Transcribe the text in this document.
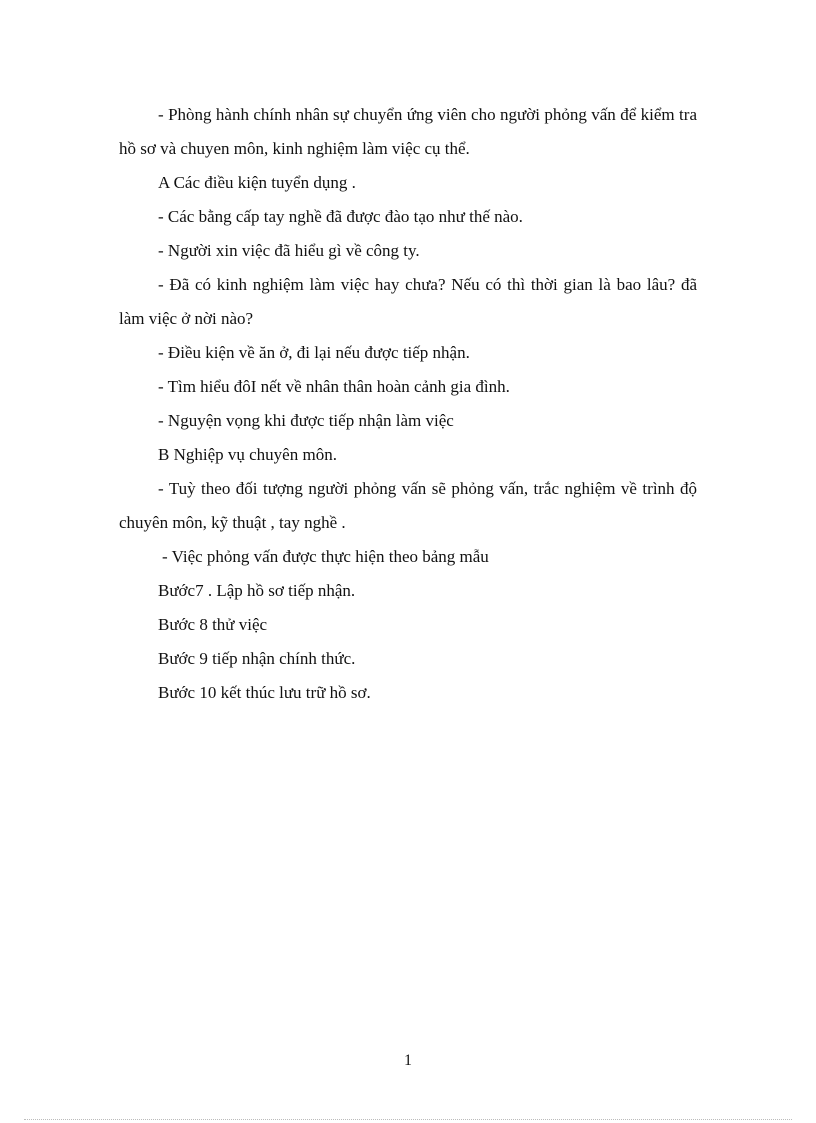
- Phòng hành chính nhân sự chuyển ứng viên cho người phỏng vấn để kiểm tra hồ sơ và chuyen môn, kinh nghiệm làm việc cụ thể.

A Các điều kiện tuyển dụng .

- Các bằng cấp tay nghề đã được đào tạo như thế nào.

- Người xin việc đã hiểu gì về công ty.

- Đã có kinh nghiệm làm việc hay chưa? Nếu có thì thời gian là bao lâu? đã làm việc ở nời nào?

- Điều kiện về ăn ở, đi lại nếu được tiếp nhận.

- Tìm hiểu đôI nết về nhân thân hoàn cảnh gia đình.

- Nguyện vọng khi được tiếp nhận làm việc

B Nghiệp vụ chuyên môn.

- Tuỳ theo đối tượng người phỏng vấn sẽ phỏng vấn, trắc nghiệm về trình độ chuyên môn, kỹ thuật , tay nghề .

- Việc phỏng vấn được thực hiện theo bảng mẫu

Bước7 . Lập hồ sơ tiếp nhận.

Bước 8 thử việc

Bước 9 tiếp nhận chính thức.

Bước 10 kết thúc lưu trữ hồ sơ.

1
